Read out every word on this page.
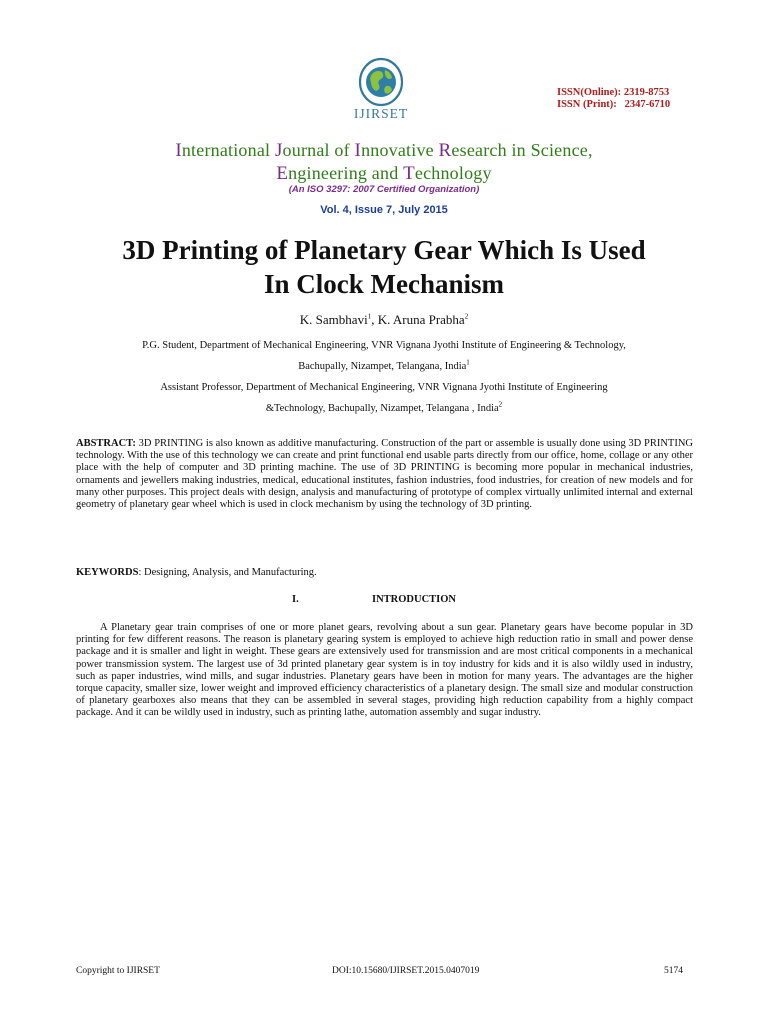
IJIRSET
ISSN(Online): 2319-8753
ISSN (Print): 2347-6710
International Journal of Innovative Research in Science,
Engineering and Technology
(An ISO 3297: 2007 Certified Organization)
Vol. 4, Issue 7, July 2015
3D Printing of Planetary Gear Which Is Used
In Clock Mechanism
K. Sambhavi$^1$, K. Aruna Prabha$^2$
P.G. Student, Department of Mechanical Engineering, VNR Vignana Jyothi Institute of Engineering & Technology,
Bachupally, Nizampet, Telangana, India$^1$
Assistant Professor, Department of Mechanical Engineering, VNR Vignana Jyothi Institute of Engineering
&Technology, Bachupally, Nizampet, Telangana , India$^2$
ABSTRACT: 3D PRINTING is also known as additive manufacturing. Construction of the part or assemble is usually done using 3D PRINTING technology. With the use of this technology we can create and print functional end usable parts directly from our office, home, collage or any other place with the help of computer and 3D printing machine. The use of 3D PRINTING is becoming more popular in mechanical industries, ornaments and jewellers making industries, medical, educational institutes, fashion industries, food industries, for creation of new models and for many other purposes. This project deals with design, analysis and manufacturing of prototype of complex virtually unlimited internal and external geometry of planetary gear wheel which is used in clock mechanism by using the technology of 3D printing.
KEYWORDS: Designing, Analysis, and Manufacturing.
I.	INTRODUCTION
A Planetary gear train comprises of one or more planet gears, revolving about a sun gear. Planetary gears have become popular in 3D printing for few different reasons. The reason is planetary gearing system is employed to achieve high reduction ratio in small and power dense package and it is smaller and light in weight. These gears are extensively used for transmission and are most critical components in a mechanical power transmission system. The largest use of 3d printed planetary gear system is in toy industry for kids and it is also wildly used in industry, such as paper industries, wind mills, and sugar industries. Planetary gears have been in motion for many years. The advantages are the higher torque capacity, smaller size, lower weight and improved efficiency characteristics of a planetary design. The small size and modular construction of planetary gearboxes also means that they can be assembled in several stages, providing high reduction capability from a highly compact package. And it can be wildly used in industry, such as printing lathe, automation assembly and sugar industry.
Copyright to IJIRSET	DOI:10.15680/IJIRSET.2015.0407019	5174
